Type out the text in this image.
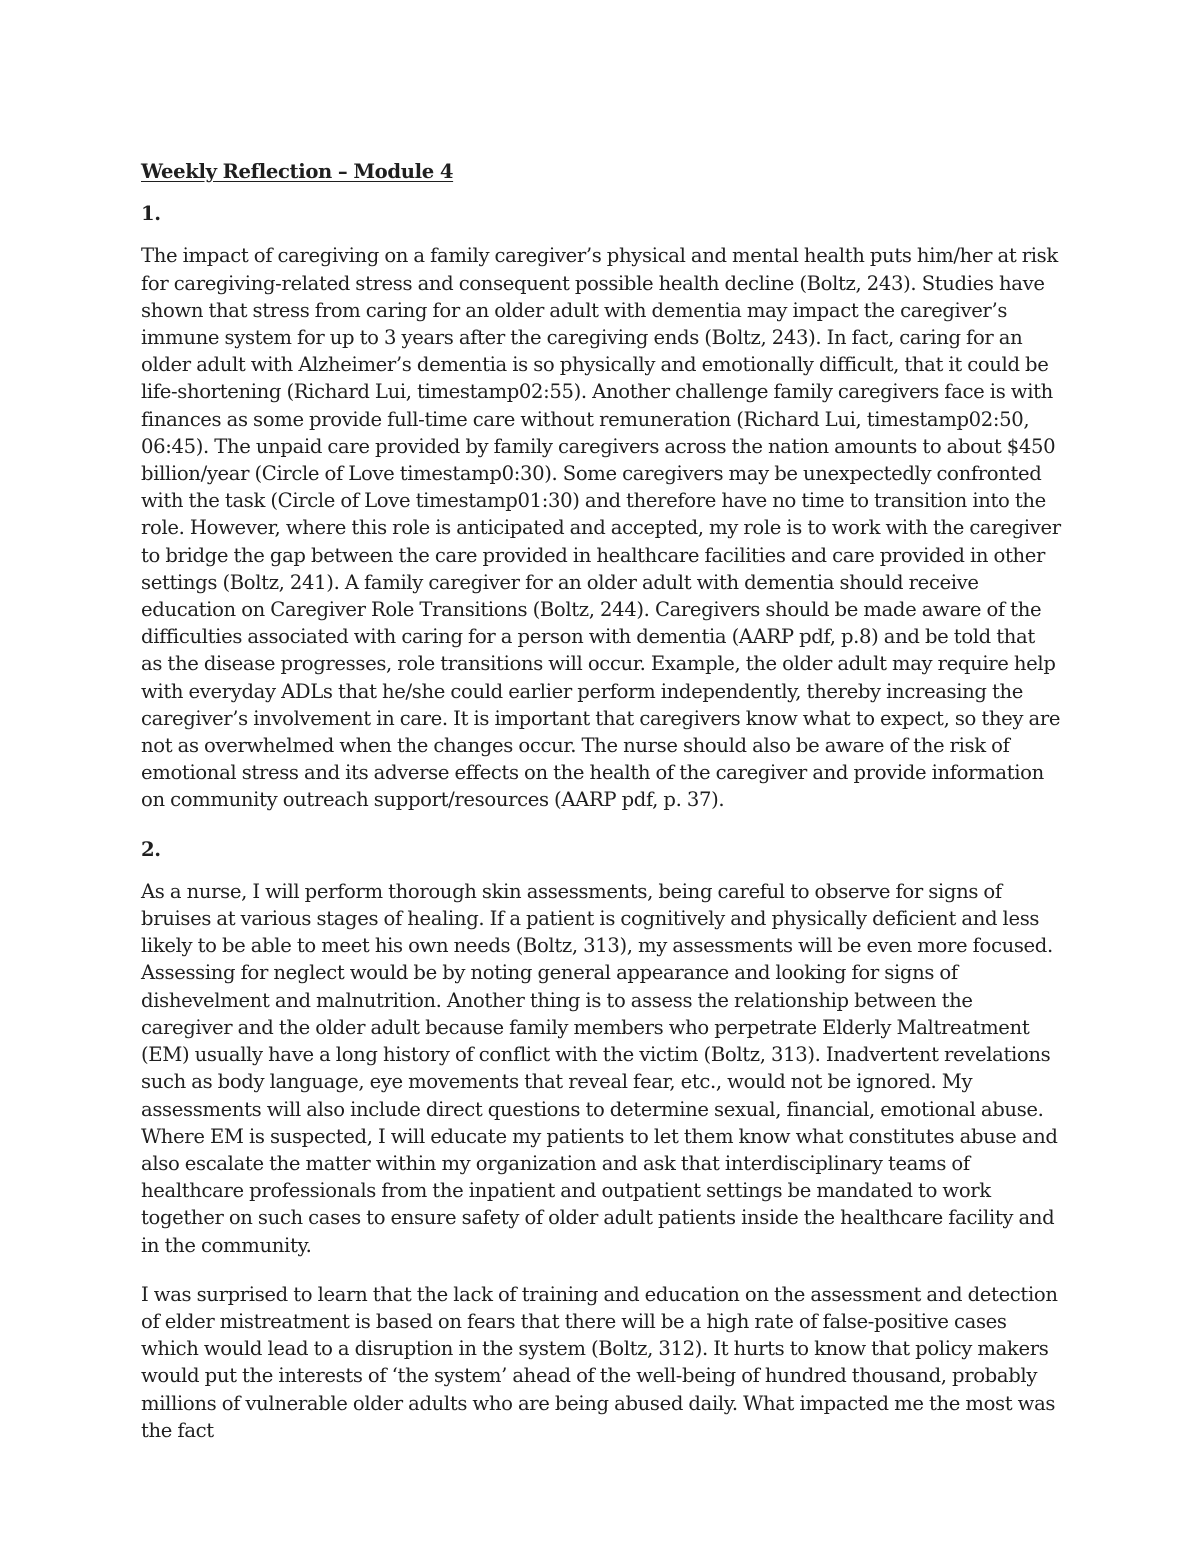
Weekly Reflection – Module 4
1.

The impact of caregiving on a family caregiver’s physical and mental health puts him/her at risk for caregiving-related stress and consequent possible health decline (Boltz, 243). Studies have shown that stress from caring for an older adult with dementia may impact the caregiver’s immune system for up to 3 years after the caregiving ends (Boltz, 243). In fact, caring for an older adult with Alzheimer’s dementia is so physically and emotionally difficult, that it could be life-shortening (Richard Lui, timestamp02:55). Another challenge family caregivers face is with finances as some provide full-time care without remuneration (Richard Lui, timestamp02:50, 06:45). The unpaid care provided by family caregivers across the nation amounts to about $450 billion/year (Circle of Love timestamp0:30). Some caregivers may be unexpectedly confronted with the task (Circle of Love timestamp01:30) and therefore have no time to transition into the role. However, where this role is anticipated and accepted, my role is to work with the caregiver to bridge the gap between the care provided in healthcare facilities and care provided in other settings (Boltz, 241). A family caregiver for an older adult with dementia should receive education on Caregiver Role Transitions (Boltz, 244). Caregivers should be made aware of the difficulties associated with caring for a person with dementia (AARP pdf, p.8) and be told that as the disease progresses, role transitions will occur. Example, the older adult may require help with everyday ADLs that he/she could earlier perform independently, thereby increasing the caregiver’s involvement in care. It is important that caregivers know what to expect, so they are not as overwhelmed when the changes occur. The nurse should also be aware of the risk of emotional stress and its adverse effects on the health of the caregiver and provide information on community outreach support/resources (AARP pdf, p. 37).

2.

As a nurse, I will perform thorough skin assessments, being careful to observe for signs of bruises at various stages of healing. If a patient is cognitively and physically deficient and less likely to be able to meet his own needs (Boltz, 313), my assessments will be even more focused. Assessing for neglect would be by noting general appearance and looking for signs of dishevelment and malnutrition. Another thing is to assess the relationship between the caregiver and the older adult because family members who perpetrate Elderly Maltreatment (EM) usually have a long history of conflict with the victim (Boltz, 313). Inadvertent revelations such as body language, eye movements that reveal fear, etc., would not be ignored. My assessments will also include direct questions to determine sexual, financial, emotional abuse. Where EM is suspected, I will educate my patients to let them know what constitutes abuse and also escalate the matter within my organization and ask that interdisciplinary teams of healthcare professionals from the inpatient and outpatient settings be mandated to work together on such cases to ensure safety of older adult patients inside the healthcare facility and in the community.

I was surprised to learn that the lack of training and education on the assessment and detection of elder mistreatment is based on fears that there will be a high rate of false-positive cases which would lead to a disruption in the system (Boltz, 312). It hurts to know that policy makers would put the interests of ‘the system’ ahead of the well-being of hundred thousand, probably millions of vulnerable older adults who are being abused daily. What impacted me the most was the fact
